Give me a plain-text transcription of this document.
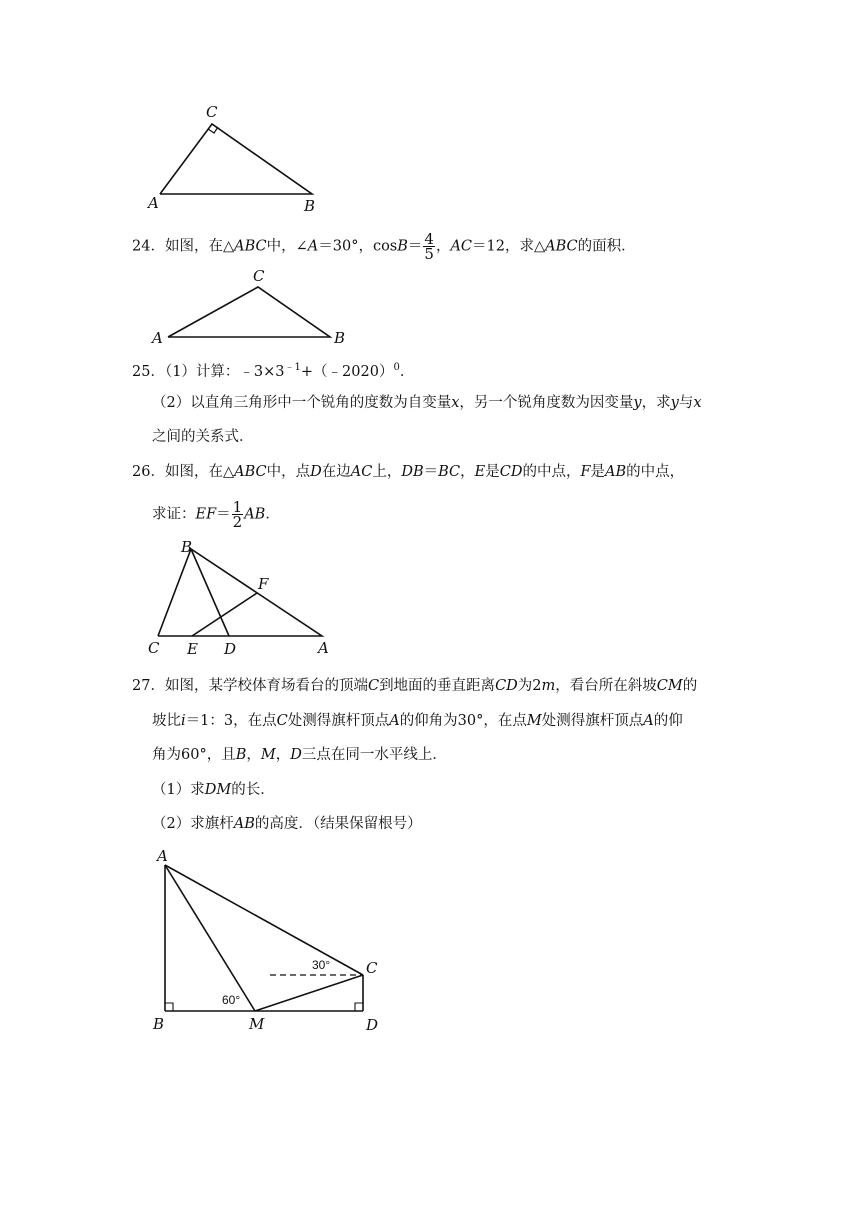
C
A	B
24．如图，在△ABC中，∠A＝30°，$\cos B= \frac{4}{5}$ ，AC＝12，求△ABC的面积．
C
A	B
25．（1）计算：$﹣3\times 3^{﹣1}+(﹣2020)^0$．
（2）以直角三角形中一个锐角的度数为自变量x，另一个锐角度数为因变量y，求y与x
之间的关系式．
26．如图，在△ABC中，点D在边AC上，DB＝BC，E是CD的中点，F是AB的中点，
求证：$EF= \frac{1}{2}$ AB．
B
F
C E D	A
27．如图，某学校体育场看台的顶端C到地面的垂直距离CD为2m，看台所在斜坡CM的
坡比i＝1：3，在点C处测得旗杆顶点A的仰角为30°，在点M处测得旗杆顶点A的仰
角为60°，且B，M，D三点在同一水平线上．
（1）求DM的长．
（2）求旗杆AB的高度．（结果保留根号）
A
B	M
C
D
30°
60°
